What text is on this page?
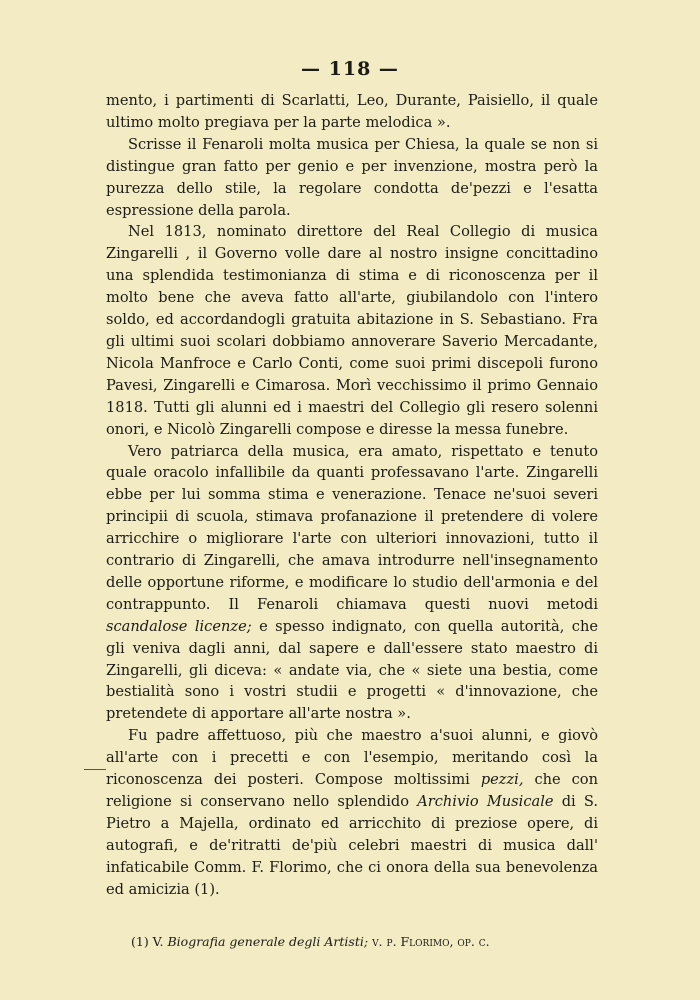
— 118 —

mento, i partimenti di Scarlatti, Leo, Durante, Paisiello, il quale ultimo molto pregiava per la parte melodica ».

Scrisse il Fenaroli molta musica per Chiesa, la quale se non si distingue gran fatto per genio e per invenzione, mostra però la purezza dello stile, la regolare condotta de'pezzi e l'esatta espressione della parola.

Nel 1813, nominato direttore del Real Collegio di musica Zingarelli , il Governo volle dare al nostro insigne concittadino una splendida testimonianza di stima e di riconoscenza per il molto bene che aveva fatto all'arte, giubilandolo con l'intero soldo, ed accordandogli gratuita abitazione in S. Sebastiano. Fra gli ultimi suoi scolari dobbiamo annoverare Saverio Mercadante, Nicola Manfroce e Carlo Conti, come suoi primi discepoli furono Pavesi, Zingarelli e Cimarosa. Morì vecchissimo il primo Gennaio 1818. Tutti gli alunni ed i maestri del Collegio gli resero solenni onori, e Nicolò Zingarelli compose e diresse la messa funebre.

Vero patriarca della musica, era amato, rispettato e tenuto quale oracolo infallibile da quanti professavano l'arte. Zingarelli ebbe per lui somma stima e venerazione. Tenace ne'suoi severi principii di scuola, stimava profanazione il pretendere di volere arricchire o migliorare l'arte con ulteriori innovazioni, tutto il contrario di Zingarelli, che amava introdurre nell'insegnamento delle opportune riforme, e modificare lo studio dell'armonia e del contrappunto. Il Fenaroli chiamava questi nuovi metodi scandalose licenze; e spesso indignato, con quella autorità, che gli veniva dagli anni, dal sapere e dall'essere stato maestro di Zingarelli, gli diceva: « andate via, che « siete una bestia, come bestialità sono i vostri studii e progetti « d'innovazione, che pretendete di apportare all'arte nostra ».

Fu padre affettuoso, più che maestro a'suoi alunni, e giovò all'arte con i precetti e con l'esempio, meritando così la riconoscenza dei posteri. Compose moltissimi pezzi, che con religione si conservano nello splendido Archivio Musicale di S. Pietro a Majella, ordinato ed arricchito di preziose opere, di autografi, e de'ritratti de'più celebri maestri di musica dall' infaticabile Comm. F. Florimo, che ci onora della sua benevolenza ed amicizia (1).

(1) V. Biografia generale degli Artisti; v. p. Florimo, op. c.
